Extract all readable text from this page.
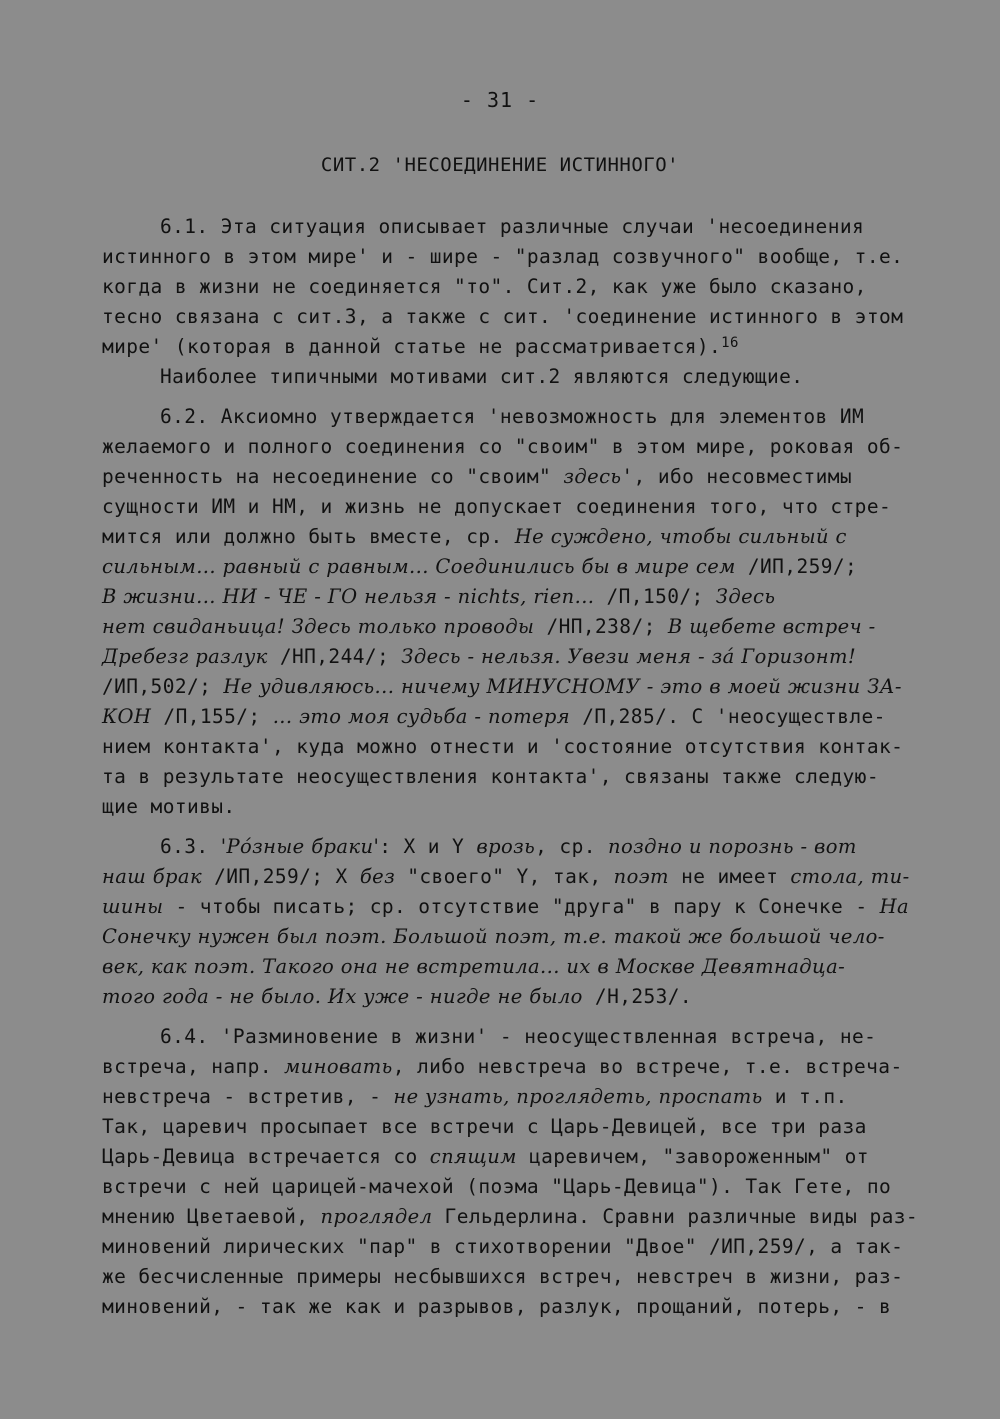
- 31 -
СИТ.2 'НЕСОЕДИНЕНИЕ ИСТИННОГО'
6.1. Эта ситуация описывает различные случаи 'несоединения
истинного в этом мире' и - шире - "разлад созвучного" вообще, т.е.
когда в жизни не соединяется "то". Сит.2, как уже было сказано,
тесно связана с сит.3, а также с сит. 'соединение истинного в этом
мире' (которая в данной статье не рассматривается).$^{16}$
Наиболее типичными мотивами сит.2 являются следующие.
6.2. Аксиомно утверждается 'невозможность для элементов ИМ
желаемого и полного соединения со "своим" в этом мире, роковая об-
реченность на несоединение со "своим" здесь', ибо несовместимы
сущности ИМ и НМ, и жизнь не допускает соединения того, что стре-
мится или должно быть вместе, ср. Не суждено, чтобы сильный с
сильным... равный с равным... Соединились бы в мире сем /ИП,259/;
В жизни... НИ - ЧЕ - ГО нельзя - nichts, rien... /П,150/; Здесь
нет свиданьица! Здесь только проводы /НП,238/; В щебете встреч -
Дребезг разлук /НП,244/; Здесь - нельзя. Увези меня - за́ Горизонт!
/ИП,502/; Не удивляюсь... ничему МИНУСНОМУ - это в моей жизни ЗА-
КОН /П,155/; ... это моя судьба - потеря /П,285/. С 'неосуществле-
нием контакта', куда можно отнести и 'состояние отсутствия контак-
та в результате неосуществления контакта', связаны также следую-
щие мотивы.
6.3. 'Ро́зные браки': X и Y врозь, ср. поздно и порознь - вот
наш брак /ИП,259/; X без "своего" Y, так, поэт не имеет стола, ти-
шины - чтобы писать; ср. отсутствие "друга" в пару к Сонечке - На
Сонечку нужен был поэт. Большой поэт, т.е. такой же большой чело-
век, как поэт. Такого она не встретила... их в Москве Девятнадца-
того года - не было. Их уже - нигде не было /Н,253/.
6.4. 'Разминовение в жизни' - неосуществленная встреча, не-
встреча, напр. миновать, либо невстреча во встрече, т.е. встреча-
невстреча - встретив, - не узнать, проглядеть, проспать и т.п.
Так, царевич просыпает все встречи с Царь-Девицей, все три раза
Царь-Девица встречается со спящим царевичем, "завороженным" от
встречи с ней царицей-мачехой (поэма "Царь-Девица"). Так Гете, по
мнению Цветаевой, проглядел Гельдерлина. Сравни различные виды раз-
миновений лирических "пар" в стихотворении "Двое" /ИП,259/, а так-
же бесчисленные примеры несбывшихся встреч, невстреч в жизни, раз-
миновений, - так же как и разрывов, разлук, прощаний, потерь, - в
